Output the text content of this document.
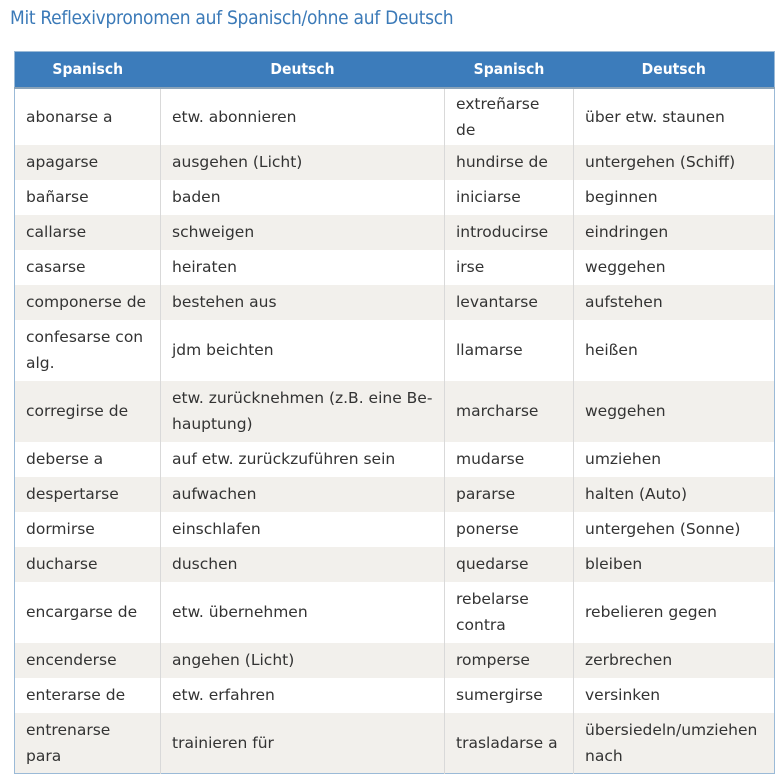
Mit Reflexivpronomen auf Spanisch/ohne auf Deutsch
Spanisch	Deutsch	Spanisch	Deutsch
abonarse a	etw. abonnieren	extreñarse de	über etw. staunen
apagarse	ausgehen (Licht)	hundirse de	untergehen (Schiff)
bañarse	baden	iniciarse	beginnen
callarse	schweigen	introducirse	eindringen
casarse	heiraten	irse	weggehen
componerse de	bestehen aus	levantarse	aufstehen
confesarse con alg.	jdm beichten	llamarse	heißen
corregirse de	etw. zurücknehmen (z.B. eine Behauptung)	marcharse	weggehen
deberse a	auf etw. zurückzuführen sein	mudarse	umziehen
despertarse	aufwachen	pararse	halten (Auto)
dormirse	einschlafen	ponerse	untergehen (Sonne)
ducharse	duschen	quedarse	bleiben
encargarse de	etw. übernehmen	rebelarse contra	rebelieren gegen
encenderse	angehen (Licht)	romperse	zerbrechen
enterarse de	etw. erfahren	sumergirse	versinken
entrenarse para	trainieren für	trasladarse a	übersiedeln/umziehen nach
